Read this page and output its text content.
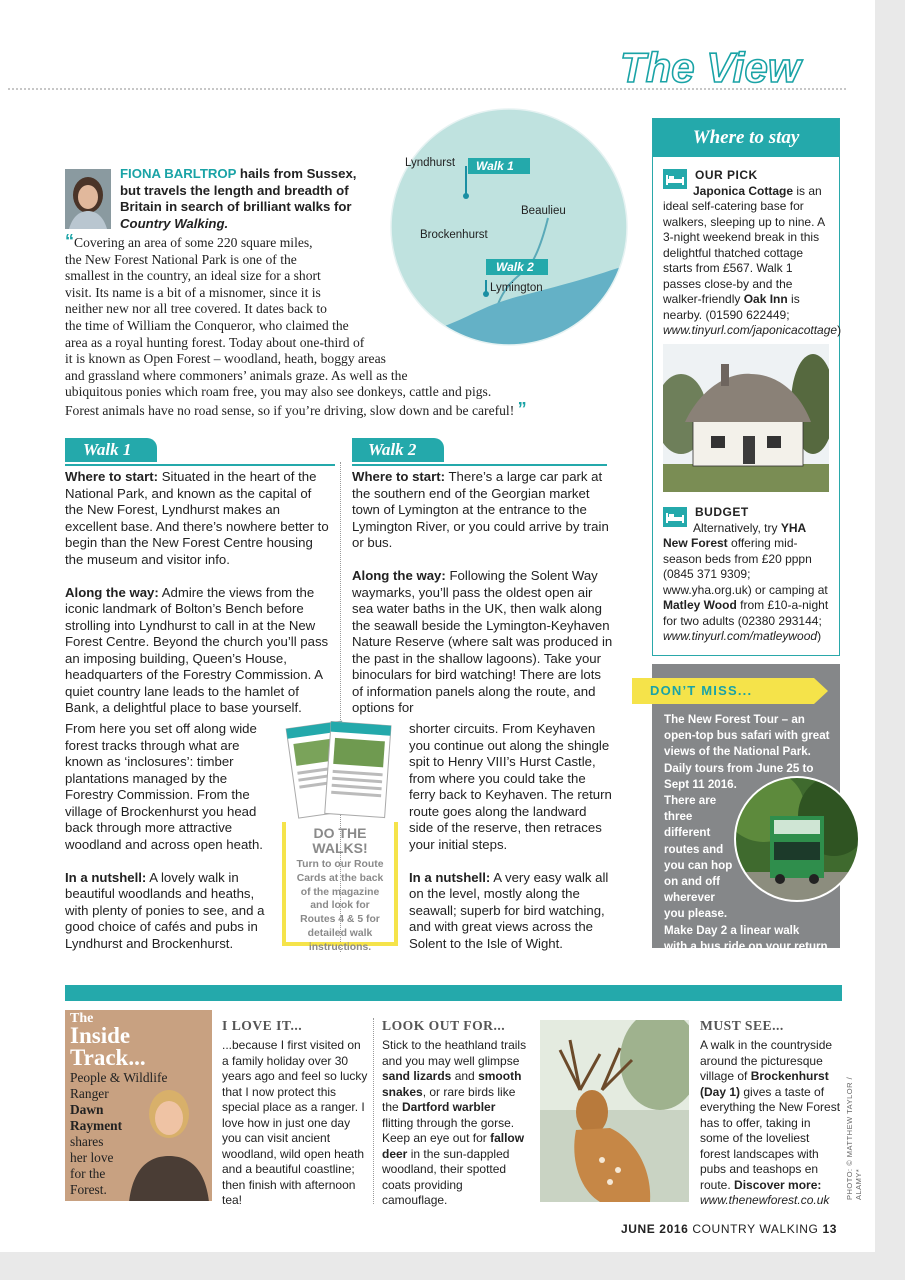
The View
Lyndhurst
Beaulieu
Brockenhurst
Lymington
Walk 1
Walk 2
FIONA BARLTROP hails from Sussex, but travels the length and breadth of Britain in search of brilliant walks for Country Walking.
“Covering an area of some 220 square miles,
the New Forest National Park is one of the
smallest in the country, an ideal size for a short
visit. Its name is a bit of a misnomer, since it is
neither new nor all tree covered. It dates back to
the time of William the Conqueror, who claimed the
area as a royal hunting forest. Today about one-third of
it is known as Open Forest – woodland, heath, boggy areas
and grassland where commoners’ animals graze. As well as the
ubiquitous ponies which roam free, you may also see donkeys, cattle and pigs.
Forest animals have no road sense, so if you’re driving, slow down and be careful! ”
Walk 1	Walk 2

Where to start: Situated in the heart of the National Park, and known as the capital of the New Forest, Lyndhurst makes an excellent base. And there’s nowhere better to begin than the New Forest Centre housing the museum and visitor info.

Along the way: Admire the views from the iconic landmark of Bolton’s Bench before strolling into Lyndhurst to call in at the New Forest Centre. Beyond the church you’ll pass an imposing building, Queen’s House, headquarters of the Forestry Commission. A quiet country lane leads to the hamlet of Bank, a delightful place to base yourself.

From here you set off along wide forest tracks through what are known as ‘inclosures’: timber plantations managed by the Forestry Commission. From the village of Brockenhurst you head back through more attractive woodland and across open heath.

In a nutshell: A lovely walk in beautiful woodlands and heaths, with plenty of ponies to see, and a good choice of cafés and pubs in Lyndhurst and Brockenhurst.

Where to start: There’s a large car park at the southern end of the Georgian market town of Lymington at the entrance to the Lymington River, or you could arrive by train or bus.

Along the way: Following the Solent Way waymarks, you’ll pass the oldest open air sea water baths in the UK, then walk along the seawall beside the Lymington-Keyhaven Nature Reserve (where salt was produced in the past in the shallow lagoons). Take your binoculars for bird watching! There are lots of information panels along the route, and options for

shorter circuits. From Keyhaven you continue out along the shingle spit to Henry VIII’s Hurst Castle, from where you could take the ferry back to Keyhaven. The return route goes along the landward side of the reserve, then retraces your initial steps.

In a nutshell: A very easy walk all on the level, mostly along the seawall; superb for bird watching, and with great views across the Solent to the Isle of Wight.

DO THE WALKS!
Turn to our Route Cards at the back of the magazine and look for Routes 4 & 5 for detailed walk instructions.
Where to stay
OUR PICK
Japonica Cottage is an ideal self-catering base for walkers, sleeping up to nine. A 3-night weekend break in this delightful thatched cottage starts from £567. Walk 1 passes close-by and the walker-friendly Oak Inn is nearby. (01590 622449; www.tinyurl.com/japonicacottage)
BUDGET
Alternatively, try YHA New Forest offering mid-season beds from £20 pppn (0845 371 9309; www.yha.org.uk) or camping at Matley Wood from £10-a-night for two adults (02380 293144; www.tinyurl.com/matleywood)
The New Forest Tour – an
open-top bus safari with great
views of the National Park.
Daily tours from June 25 to
Sept 11 2016.
There are
three
different
routes and
you can hop
on and off
wherever
you please.
Make Day 2 a linear walk
with a bus ride on your return.
DON’T MISS...
The
Inside
Track...
People & Wildlife
Ranger
Dawn
Rayment
shares
her love
for the
Forest.
I LOVE IT...
...because I first visited on a family holiday over 30 years ago and feel so lucky that I now protect this special place as a ranger. I love how in just one day you can visit ancient woodland, wild open heath and a beautiful coastline; then finish with afternoon tea!
LOOK OUT FOR...
Stick to the heathland trails and you may well glimpse sand lizards and smooth snakes, or rare birds like the Dartford warbler flitting through the gorse. Keep an eye out for fallow deer in the sun-dappled woodland, their spotted coats providing camouflage.
MUST SEE...
A walk in the countryside around the picturesque village of Brockenhurst (Day 1) gives a taste of everything the New Forest has to offer, taking in some of the loveliest forest landscapes with pubs and teashops en route. Discover more: www.thenewforest.co.uk	PHOTO: © MATTHEW TAYLOR / ALAMY*
JUNE 2016 COUNTRY WALKING 13
